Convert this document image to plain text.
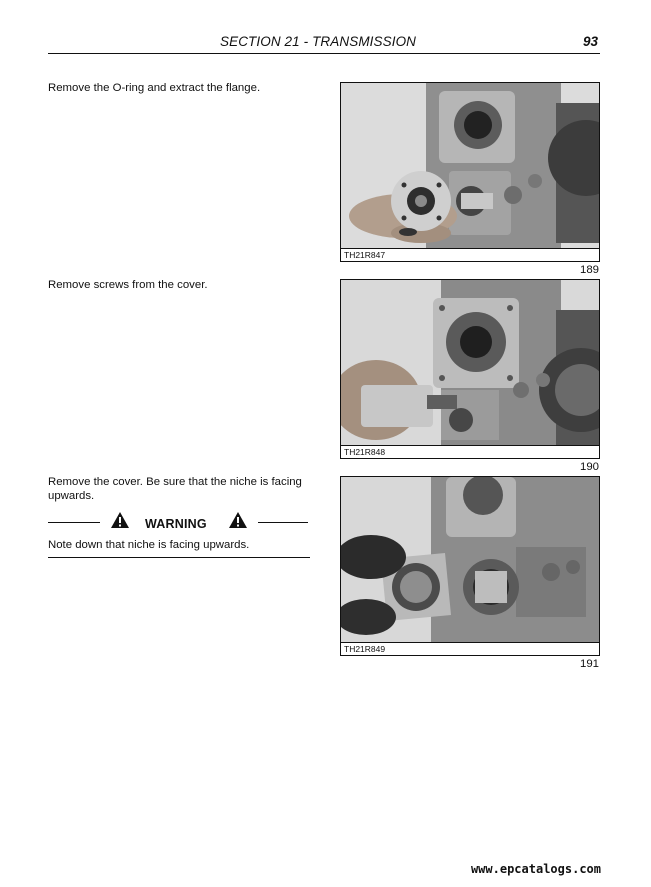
SECTION 21 - TRANSMISSION	93
Remove the O-ring and extract the flange.
Remove screws from the cover.
Remove the cover. Be sure that the niche is facing upwards.
WARNING
Note down that niche is facing upwards.
TH21R847
189
TH21R848
190
TH21R849
191
www.epcatalogs.com
